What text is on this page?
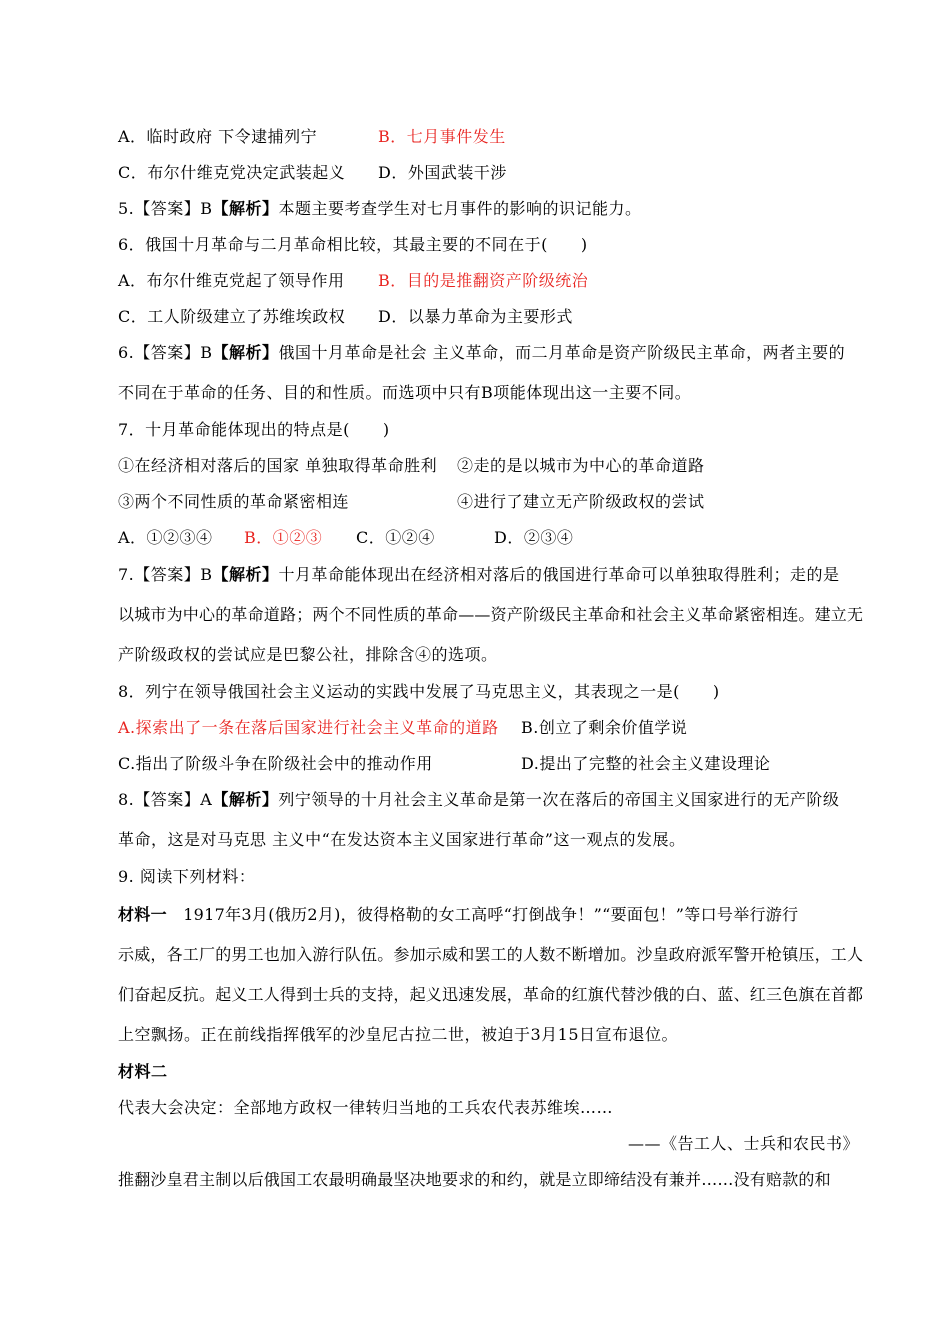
A．临时政府 下令逮捕列宁	B．七月事件发生
C．布尔什维克党决定武装起义 D．外国武装干涉
5.【答案】B【解析】本题主要考查学生对七月事件的影响的识记能力。
6．俄国十月革命与二月革命相比较，其最主要的不同在于(　　)
A．布尔什维克党起了领导作用 B．目的是推翻资产阶级统治
C．工人阶级建立了苏维埃政权 D．以暴力革命为主要形式
6.【答案】B【解析】俄国十月革命是社会 主义革命，而二月革命是资产阶级民主革命，两者主要的
不同在于革命的任务、目的和性质。而选项中只有B项能体现出这一主要不同。
7．十月革命能体现出的特点是(　　)
①在经济相对落后的国家 单独取得革命胜利 ②走的是以城市为中心的革命道路
③两个不同性质的革命紧密相连	④进行了建立无产阶级政权的尝试
A．①②③④ B．①②③ C．①②④	D．②③④
7.【答案】B【解析】十月革命能体现出在经济相对落后的俄国进行革命可以单独取得胜利；走的是
以城市为中心的革命道路；两个不同性质的革命——资产阶级民主革命和社会主义革命紧密相连。建立无
产阶级政权的尝试应是巴黎公社，排除含④的选项。
8．列宁在领导俄国社会主义运动的实践中发展了马克思主义，其表现之一是(　　)
A.探索出了一条在落后国家进行社会主义革命的道路 B.创立了剩余价值学说
C.指出了阶级斗争在阶级社会中的推动作用	D.提出了完整的社会主义建设理论
8.【答案】A【解析】列宁领导的十月社会主义革命是第一次在落后的帝国主义国家进行的无产阶级
革命，这是对马克思 主义中“在发达资本主义国家进行革命”这一观点的发展。
9. 阅读下列材料：
材料一　1917年3月(俄历2月)，彼得格勒的女工高呼“打倒战争！”“要面包！”等口号举行游行
示威，各工厂的男工也加入游行队伍。参加示威和罢工的人数不断增加。沙皇政府派军警开枪镇压，工人
们奋起反抗。起义工人得到士兵的支持，起义迅速发展，革命的红旗代替沙俄的白、蓝、红三色旗在首都
上空飘扬。正在前线指挥俄军的沙皇尼古拉二世，被迫于3月15日宣布退位。
材料二
代表大会决定：全部地方政权一律转归当地的工兵农代表苏维埃……
——《告工人、士兵和农民书》
推翻沙皇君主制以后俄国工农最明确最坚决地要求的和约，就是立即缔结没有兼并……没有赔款的和
